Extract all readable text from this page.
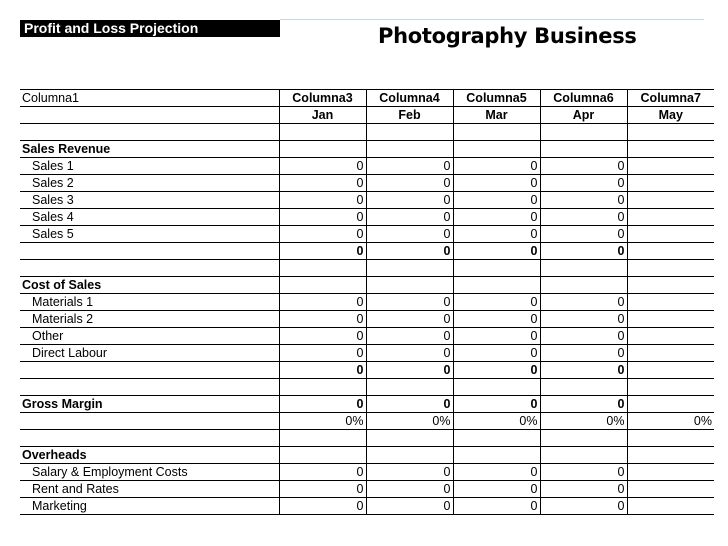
Profit and Loss Projection	Photography Business
Columna1	Columna3	Columna4	Columna5	Columna6	Columna7
	Jan	Feb	Mar	Apr	May

Sales Revenue					
Sales 1	0	0	0	0	
Sales 2	0	0	0	0	
Sales 3	0	0	0	0	
Sales 4	0	0	0	0	
Sales 5	0	0	0	0	
	0	0	0	0	

Cost of Sales					
Materials 1	0	0	0	0	
Materials 2	0	0	0	0	
Other	0	0	0	0	
Direct Labour	0	0	0	0	
	0	0	0	0	

Gross Margin	0	0	0	0	
	0%	0%	0%	0%	0%

Overheads					
Salary & Employment Costs	0	0	0	0	
Rent and Rates	0	0	0	0	
Marketing	0	0	0	0	
